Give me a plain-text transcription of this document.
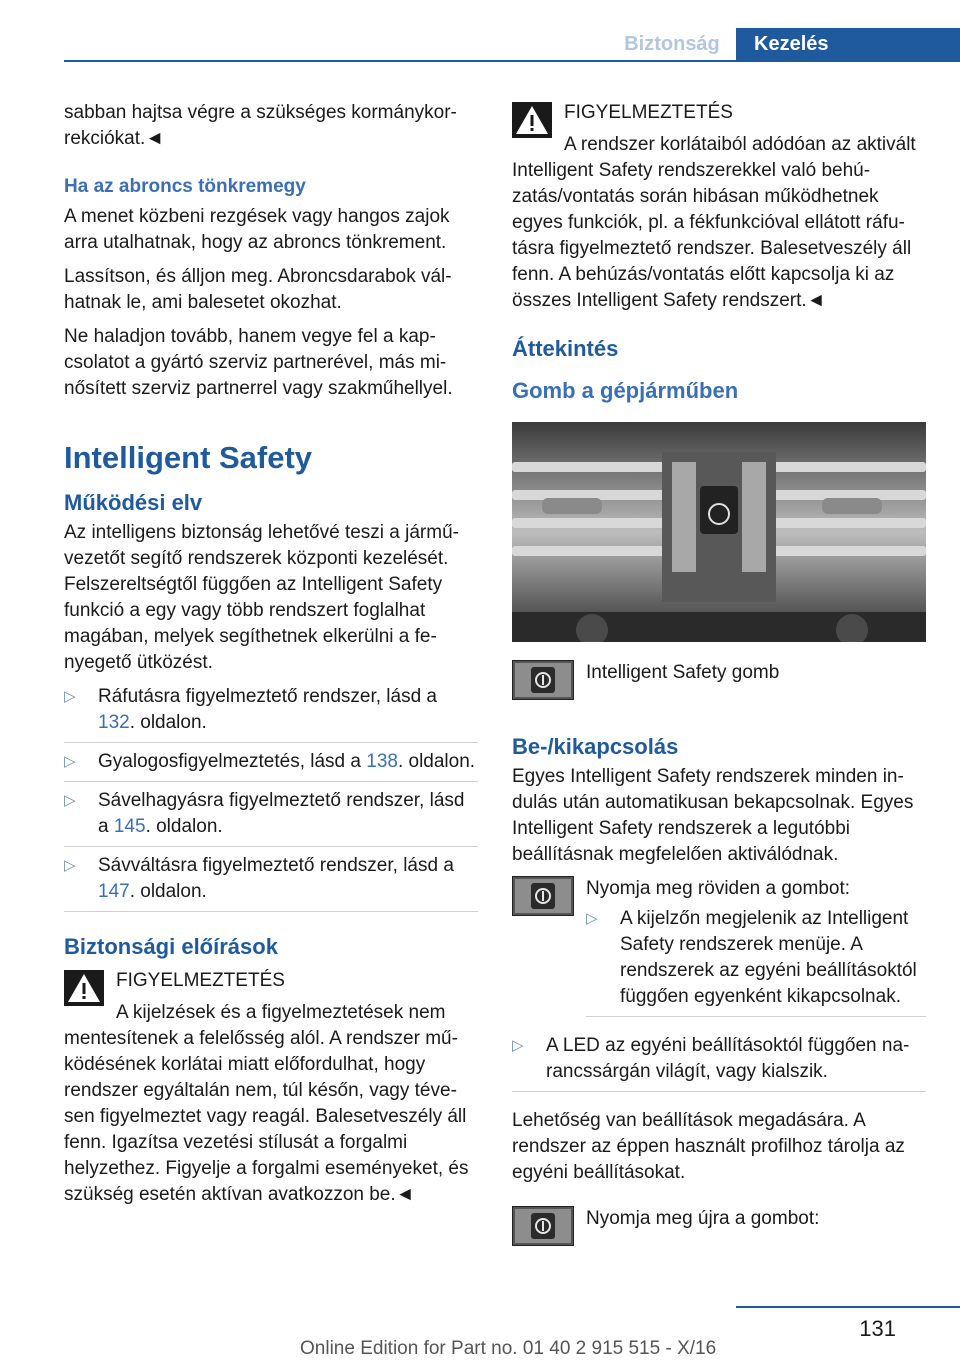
Biztonság	Kezelés

sabban hajtsa végre a szükséges kormánykorrekciókat.◄

Ha az abroncs tönkremegy

A menet közbeni rezgések vagy hangos zajok arra utalhatnak, hogy az abroncs tönkrement.

Lassítson, és álljon meg. Abroncsdarabok válhatnak le, ami balesetet okozhat.

Ne haladjon tovább, hanem vegye fel a kapcsolatot a gyártó szerviz partnerével, más minősített szerviz partnerrel vagy szakműhellyel.

Intelligent Safety
Működési elv

Az intelligens biztonság lehetővé teszi a járművezetőt segítő rendszerek központi kezelését. Felszereltségtől függően az Intelligent Safety funkció a egy vagy több rendszert foglalhat magában, melyek segíthetnek elkerülni a fenyegető ütközést.

▷ Ráfutásra figyelmeztető rendszer, lásd a 132. oldalon.
▷ Gyalogosfigyelmeztetés, lásd a 138. oldalon.
▷ Sávelhagyásra figyelmeztető rendszer, lásd a 145. oldalon.
▷ Sávváltásra figyelmeztető rendszer, lásd a 147. oldalon.
Biztonsági előírások
FIGYELMEZTETÉS

A kijelzések és a figyelmeztetések nem mentesítenek a felelősség alól. A rendszer működésének korlátai miatt előfordulhat, hogy rendszer egyáltalán nem, túl későn, vagy tévesen figyelmeztet vagy reagál. Balesetveszély áll fenn. Igazítsa vezetési stílusát a forgalmi helyzethez. Figyelje a forgalmi eseményeket, és szükség esetén aktívan avatkozzon be.◄

FIGYELMEZTETÉS

A rendszer korlátaiból adódóan az aktivált Intelligent Safety rendszerekkel való behúzatás/vontatás során hibásan működhetnek egyes funkciók, pl. a fékfunkcióval ellátott ráfutásra figyelmeztető rendszer. Balesetveszély áll fenn. A behúzás/vontatás előtt kapcsolja ki az összes Intelligent Safety rendszert.◄

Áttekintés
Gomb a gépjárműben
Intelligent Safety gomb
Be-/kikapcsolás

Egyes Intelligent Safety rendszerek minden indulás után automatikusan bekapcsolnak. Egyes Intelligent Safety rendszerek a legutóbbi beállításnak megfelelően aktiválódnak.

Nyomja meg röviden a gombot:
▷ A kijelzőn megjelenik az Intelligent Safety rendszerek menüje. A rendszerek az egyéni beállításoktól függően egyenként kikapcsolnak.
▷ A LED az egyéni beállításoktól függően narancssárgán világít, vagy kialszik.

Lehetőség van beállítások megadására. A rendszer az éppen használt profilhoz tárolja az egyéni beállításokat.

Nyomja meg újra a gombot:
131
Online Edition for Part no. 01 40 2 915 515 - X/16
